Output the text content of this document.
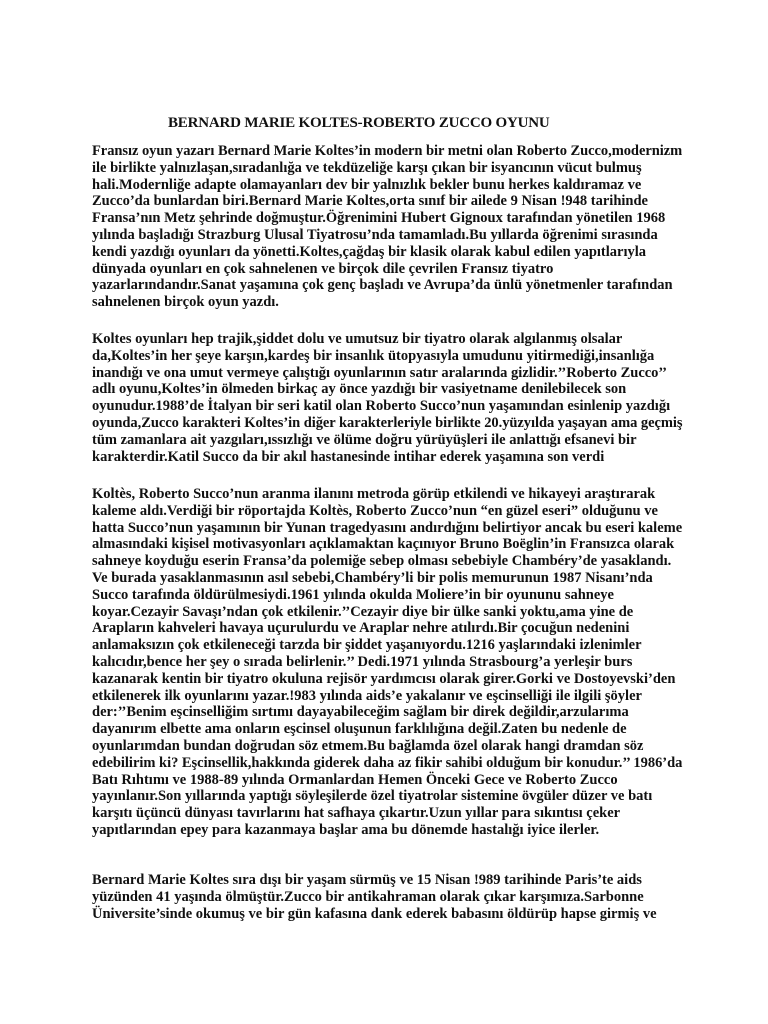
BERNARD MARIE KOLTES-ROBERTO ZUCCO OYUNU

Fransız oyun yazarı Bernard Marie Koltes’in modern bir metni olan Roberto Zucco,modernizm
ile birlikte yalnızlaşan,sıradanlığa ve tekdüzeliğe karşı çıkan bir isyancının vücut bulmuş
hali.Modernliğe adapte olamayanları dev bir yalnızlık bekler bunu herkes kaldıramaz ve
Zucco’da bunlardan biri.Bernard Marie Koltes,orta sınıf bir ailede 9 Nisan !948 tarihinde
Fransa’nın Metz şehrinde doğmuştur.Öğrenimini Hubert Gignoux tarafından yönetilen 1968
yılında başladığı Strazburg Ulusal Tiyatrosu’nda tamamladı.Bu yıllarda öğrenimi sırasında
kendi yazdığı oyunları da yönetti.Koltes,çağdaş bir klasik olarak kabul edilen yapıtlarıyla
dünyada oyunları en çok sahnelenen ve birçok dile çevrilen Fransız tiyatro
yazarlarındandır.Sanat yaşamına çok genç başladı ve Avrupa’da ünlü yönetmenler tarafından
sahnelenen birçok oyun yazdı.

Koltes oyunları hep trajik,şiddet dolu ve umutsuz bir tiyatro olarak algılanmış olsalar
da,Koltes’in her şeye karşın,kardeş bir insanlık ütopyasıyla umudunu yitirmediği,insanlığa
inandığı ve ona umut vermeye çalıştığı oyunlarının satır aralarında gizlidir.’’Roberto Zucco’’
adlı oyunu,Koltes’in ölmeden birkaç ay önce yazdığı bir vasiyetname denilebilecek son
oyunudur.1988’de İtalyan bir seri katil olan Roberto Succo’nun yaşamından esinlenip yazdığı
oyunda,Zucco karakteri Koltes’in diğer karakterleriyle birlikte 20.yüzyılda yaşayan ama geçmiş
tüm zamanlara ait yazgıları,ıssızlığı ve ölüme doğru yürüyüşleri ile anlattığı efsanevi bir
karakterdir.Katil Succo da bir akıl hastanesinde intihar ederek yaşamına son verdi

Koltès, Roberto Succo’nun aranma ilanını metroda görüp etkilendi ve hikayeyi araştırarak
kaleme aldı.Verdiği bir röportajda Koltès, Roberto Zucco’nun “en güzel eseri” olduğunu ve
hatta Succo’nun yaşamının bir Yunan tragedyasını andırdığını belirtiyor ancak bu eseri kaleme
almasındaki kişisel motivasyonları açıklamaktan kaçınıyor Bruno Boëglin’in Fransızca olarak
sahneye koyduğu eserin Fransa’da polemiğe sebep olması sebebiyle Chambéry’de yasaklandı.
Ve burada yasaklanmasının asıl sebebi,Chambéry’li bir polis memurunun 1987 Nisanı’nda
Succo tarafında öldürülmesiydi.1961 yılında okulda Moliere’in bir oyununu sahneye
koyar.Cezayir Savaşı’ndan çok etkilenir.’’Cezayir diye bir ülke sanki yoktu,ama yine de
Arapların kahveleri havaya uçurulurdu ve Araplar nehre atılırdı.Bir çocuğun nedenini
anlamaksızın çok etkileneceği tarzda bir şiddet yaşanıyordu.1216 yaşlarındaki izlenimler
kalıcıdır,bence her şey o sırada belirlenir.’’ Dedi.1971 yılında Strasbourg’a yerleşir burs
kazanarak kentin bir tiyatro okuluna rejisör yardımcısı olarak girer.Gorki ve Dostoyevski’den
etkilenerek ilk oyunlarını yazar.!983 yılında aids’e yakalanır ve eşcinselliği ile ilgili şöyler
der:’’Benim eşcinselliğim sırtımı dayayabileceğim sağlam bir direk değildir,arzularıma
dayanırım elbette ama onların eşcinsel oluşunun farklılığına değil.Zaten bu nedenle de
oyunlarımdan bundan doğrudan söz etmem.Bu bağlamda özel olarak hangi dramdan söz
edebilirim ki? Eşcinsellik,hakkında giderek daha az fikir sahibi olduğum bir konudur.’’ 1986’da
Batı Rıhtımı ve 1988-89 yılında Ormanlardan Hemen Önceki Gece ve Roberto Zucco
yayınlanır.Son yıllarında yaptığı söyleşilerde özel tiyatrolar sistemine övgüler düzer ve batı
karşıtı üçüncü dünyası tavırlarını hat safhaya çıkartır.Uzun yıllar para sıkıntısı çeker
yapıtlarından epey para kazanmaya başlar ama bu dönemde hastalığı iyice ilerler.

Bernard Marie Koltes sıra dışı bir yaşam sürmüş ve 15 Nisan !989 tarihinde Paris’te aids
yüzünden 41 yaşında ölmüştür.Zucco bir antikahraman olarak çıkar karşımıza.Sarbonne
Üniversite’sinde okumuş ve bir gün kafasına dank ederek babasını öldürüp hapse girmiş ve
